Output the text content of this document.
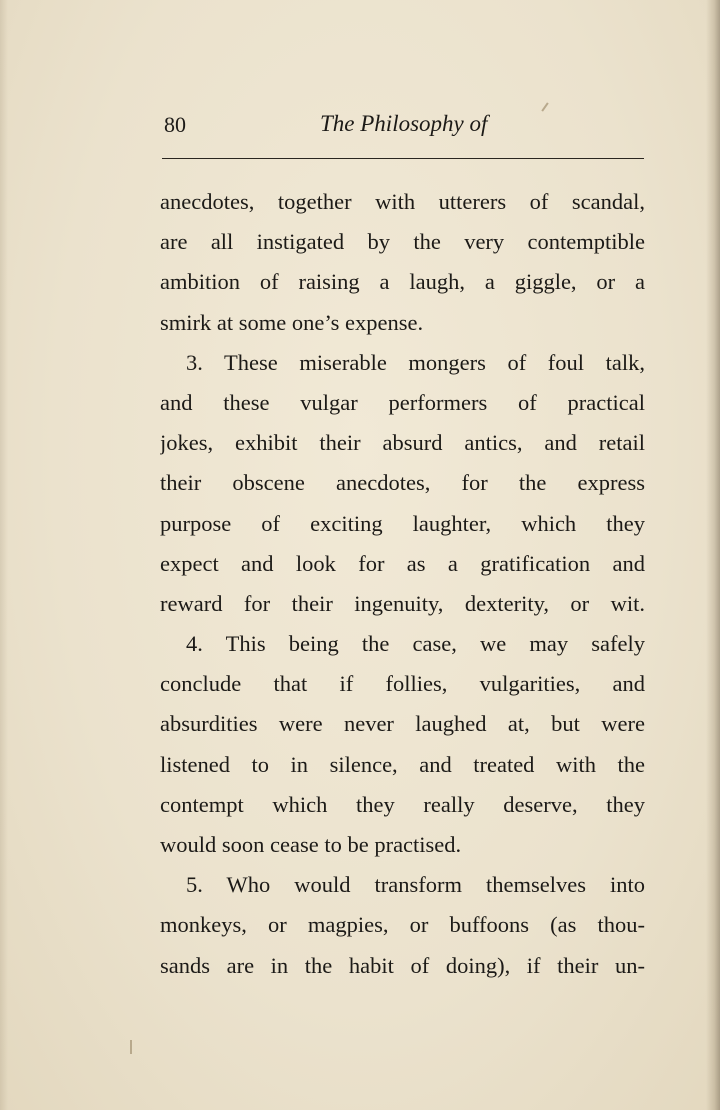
80	The Philosophy of
anecdotes, together with utterers of scandal,
are all instigated by the very contemptible
ambition of raising a laugh, a giggle, or a
smirk at some one’s expense.
3. These miserable mongers of foul talk,
and these vulgar performers of practical
jokes, exhibit their absurd antics, and retail
their obscene anecdotes, for the express
purpose of exciting laughter, which they
expect and look for as a gratification and
reward for their ingenuity, dexterity, or wit.
4. This being the case, we may safely
conclude that if follies, vulgarities, and
absurdities were never laughed at, but were
listened to in silence, and treated with the
contempt which they really deserve, they
would soon cease to be practised.
5. Who would transform themselves into
monkeys, or magpies, or buffoons (as thou-
sands are in the habit of doing), if their un-
